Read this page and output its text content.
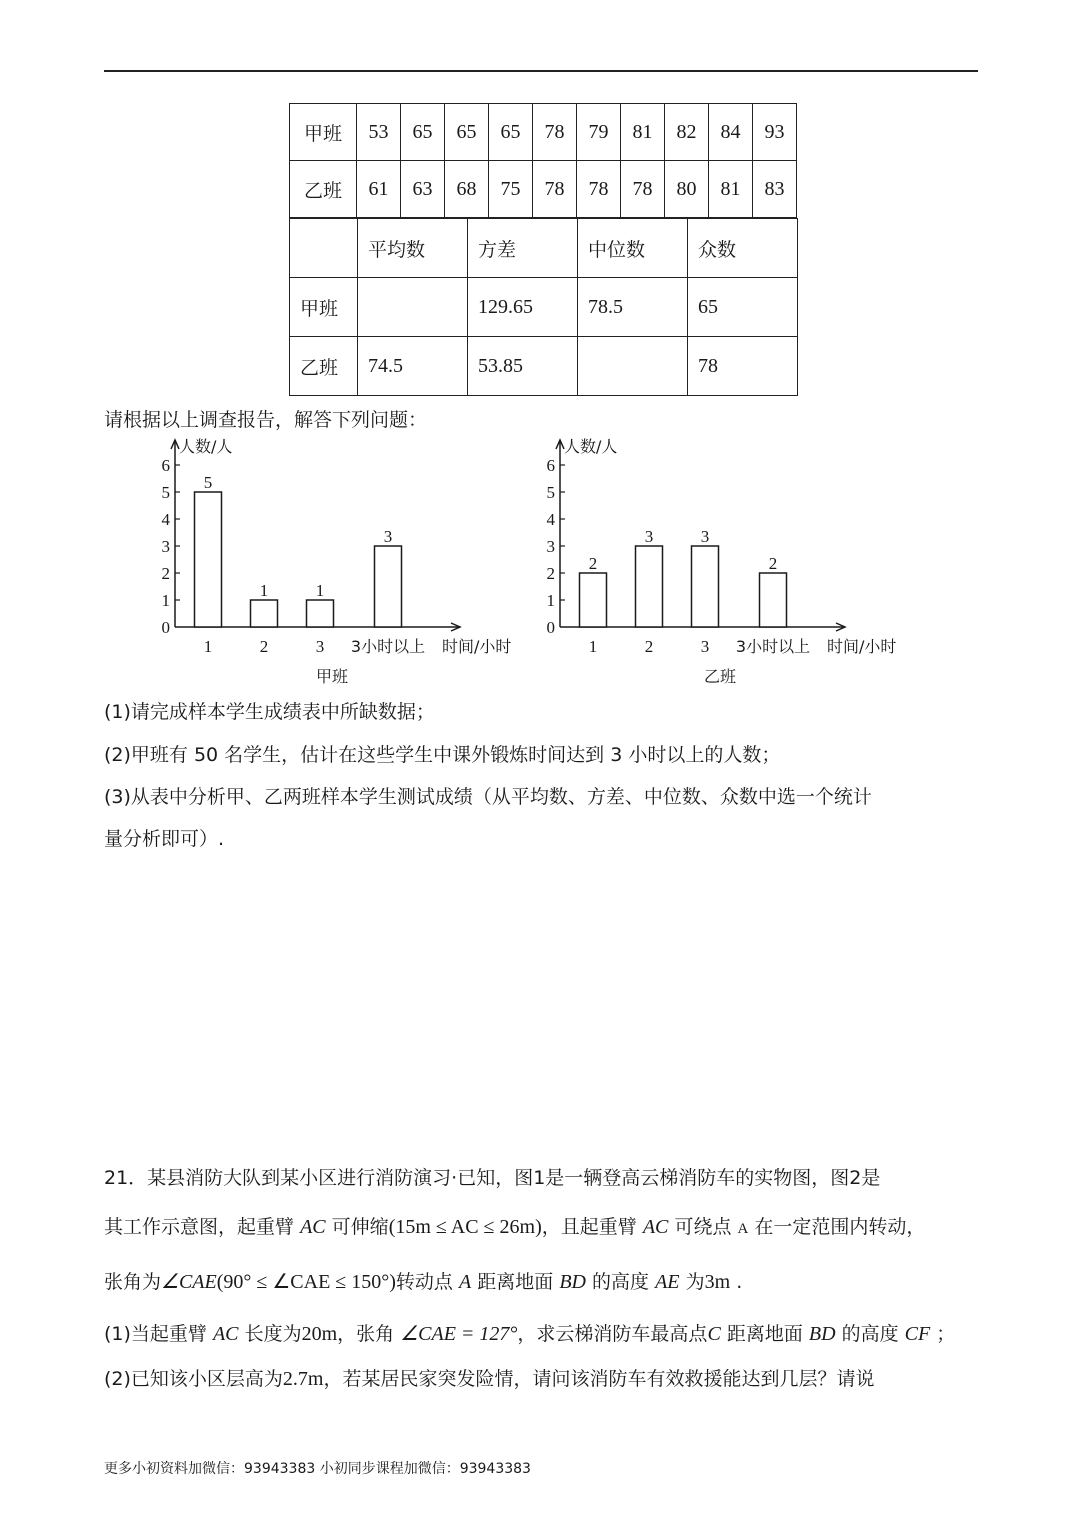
甲班	53	65	65	65	78	79	81	82	84	93
乙班	61	63	68	75	78	78	78	80	81	83
	平均数	方差	中位数	众数
甲班		129.65	78.5	65
乙班	74.5	53.85		78
请根据以上调查报告，解答下列问题：
0
1
2
3
4
5
6
人数/人
5
1	1
3
1	2	3 3小时以上 时间/小时
甲班
0
1
2
3
4
5
6
人数/人
2
3	3
2
1	2	3 3小时以上 时间/小时
乙班
(1)请完成样本学生成绩表中所缺数据；
(2)甲班有 50 名学生，估计在这些学生中课外锻炼时间达到 3 小时以上的人数；
(3)从表中分析甲、乙两班样本学生测试成绩（从平均数、方差、中位数、众数中选一个统计
量分析即可）.
21．某县消防大队到某小区进行消防演习·已知，图1是一辆登高云梯消防车的实物图，图2是
其工作示意图，起重臂 AC 可伸缩(15m ≤ AC ≤ 26m)，且起重臂 AC 可绕点 A 在一定范围内转动，
张角为∠CAE(90° ≤ ∠CAE ≤ 150°)转动点 A 距离地面 BD 的高度 AE 为3m .
(1)当起重臂 AC 长度为20m，张角 ∠CAE = 127°，求云梯消防车最高点C 距离地面 BD 的高度 CF ；
(2)已知该小区层高为2.7m，若某居民家突发险情，请问该消防车有效救援能达到几层？请说
更多小初资料加微信：93943383 小初同步课程加微信：93943383
